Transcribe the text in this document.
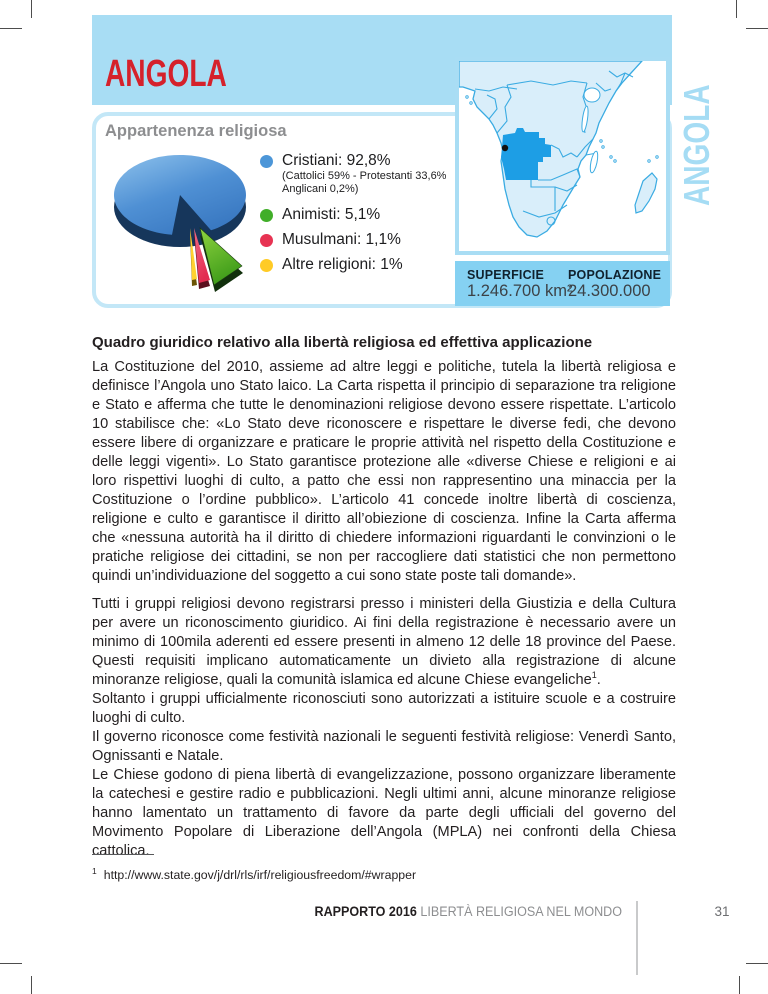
ANGOLA
Appartenenza religiosa
Cristiani: 92,8%
(Cattolici 59% - Protestanti 33,6% Anglicani 0,2%)
Animisti: 5,1%
Musulmani: 1,1%
Altre religioni: 1%
SUPERFICIE
1.246.700 km²
POPOLAZIONE
24.300.000
ANGOLA
Quadro giuridico relativo alla libertà religiosa ed effettiva applicazione

La Costituzione del 2010, assieme ad altre leggi e politiche, tutela la libertà religiosa e definisce l’Angola uno Stato laico. La Carta rispetta il principio di separazione tra religione e Stato e afferma che tutte le denominazioni religiose devono essere rispettate. L’articolo 10 stabilisce che: «Lo Stato deve riconoscere e rispettare le diverse fedi, che devono essere libere di organizzare e praticare le proprie attività nel rispetto della Costituzione e delle leggi vigenti». Lo Stato garantisce protezione alle «diverse Chiese e religioni e ai loro rispettivi luoghi di culto, a patto che essi non rappresentino una minaccia per la Costituzione o l’ordine pubblico». L’articolo 41 concede inoltre libertà di coscienza, religione e culto e garantisce il diritto all’obiezione di coscienza. Infine la Carta afferma che «nessuna autorità ha il diritto di chiedere informazioni riguardanti le convinzioni o le pratiche religiose dei cittadini, se non per raccogliere dati statistici che non permettono quindi un’individuazione del soggetto a cui sono state poste tali domande».

Tutti i gruppi religiosi devono registrarsi presso i ministeri della Giustizia e della Cultura per avere un riconoscimento giuridico. Ai fini della registrazione è necessario avere un minimo di 100mila aderenti ed essere presenti in almeno 12 delle 18 province del Paese. Questi requisiti implicano automaticamente un divieto alla registrazione di alcune minoranze religiose, quali la comunità islamica ed alcune Chiese evangeliche$^1$.

Soltanto i gruppi ufficialmente riconosciuti sono autorizzati a istituire scuole e a costruire luoghi di culto.

Il governo riconosce come festività nazionali le seguenti festività religiose: Venerdì Santo, Ognissanti e Natale.

Le Chiese godono di piena libertà di evangelizzazione, possono organizzare liberamente la catechesi e gestire radio e pubblicazioni. Negli ultimi anni, alcune minoranze religiose hanno lamentato un trattamento di favore da parte degli ufficiali del governo del Movimento Popolare di Liberazione dell’Angola (MPLA) nei confronti della Chiesa cattolica.

$^1$ http://www.state.gov/j/drl/rls/irf/religiousfreedom/#wrapper
RAPPORTO 2016 LIBERTÀ RELIGIOSA NEL MONDO	31
